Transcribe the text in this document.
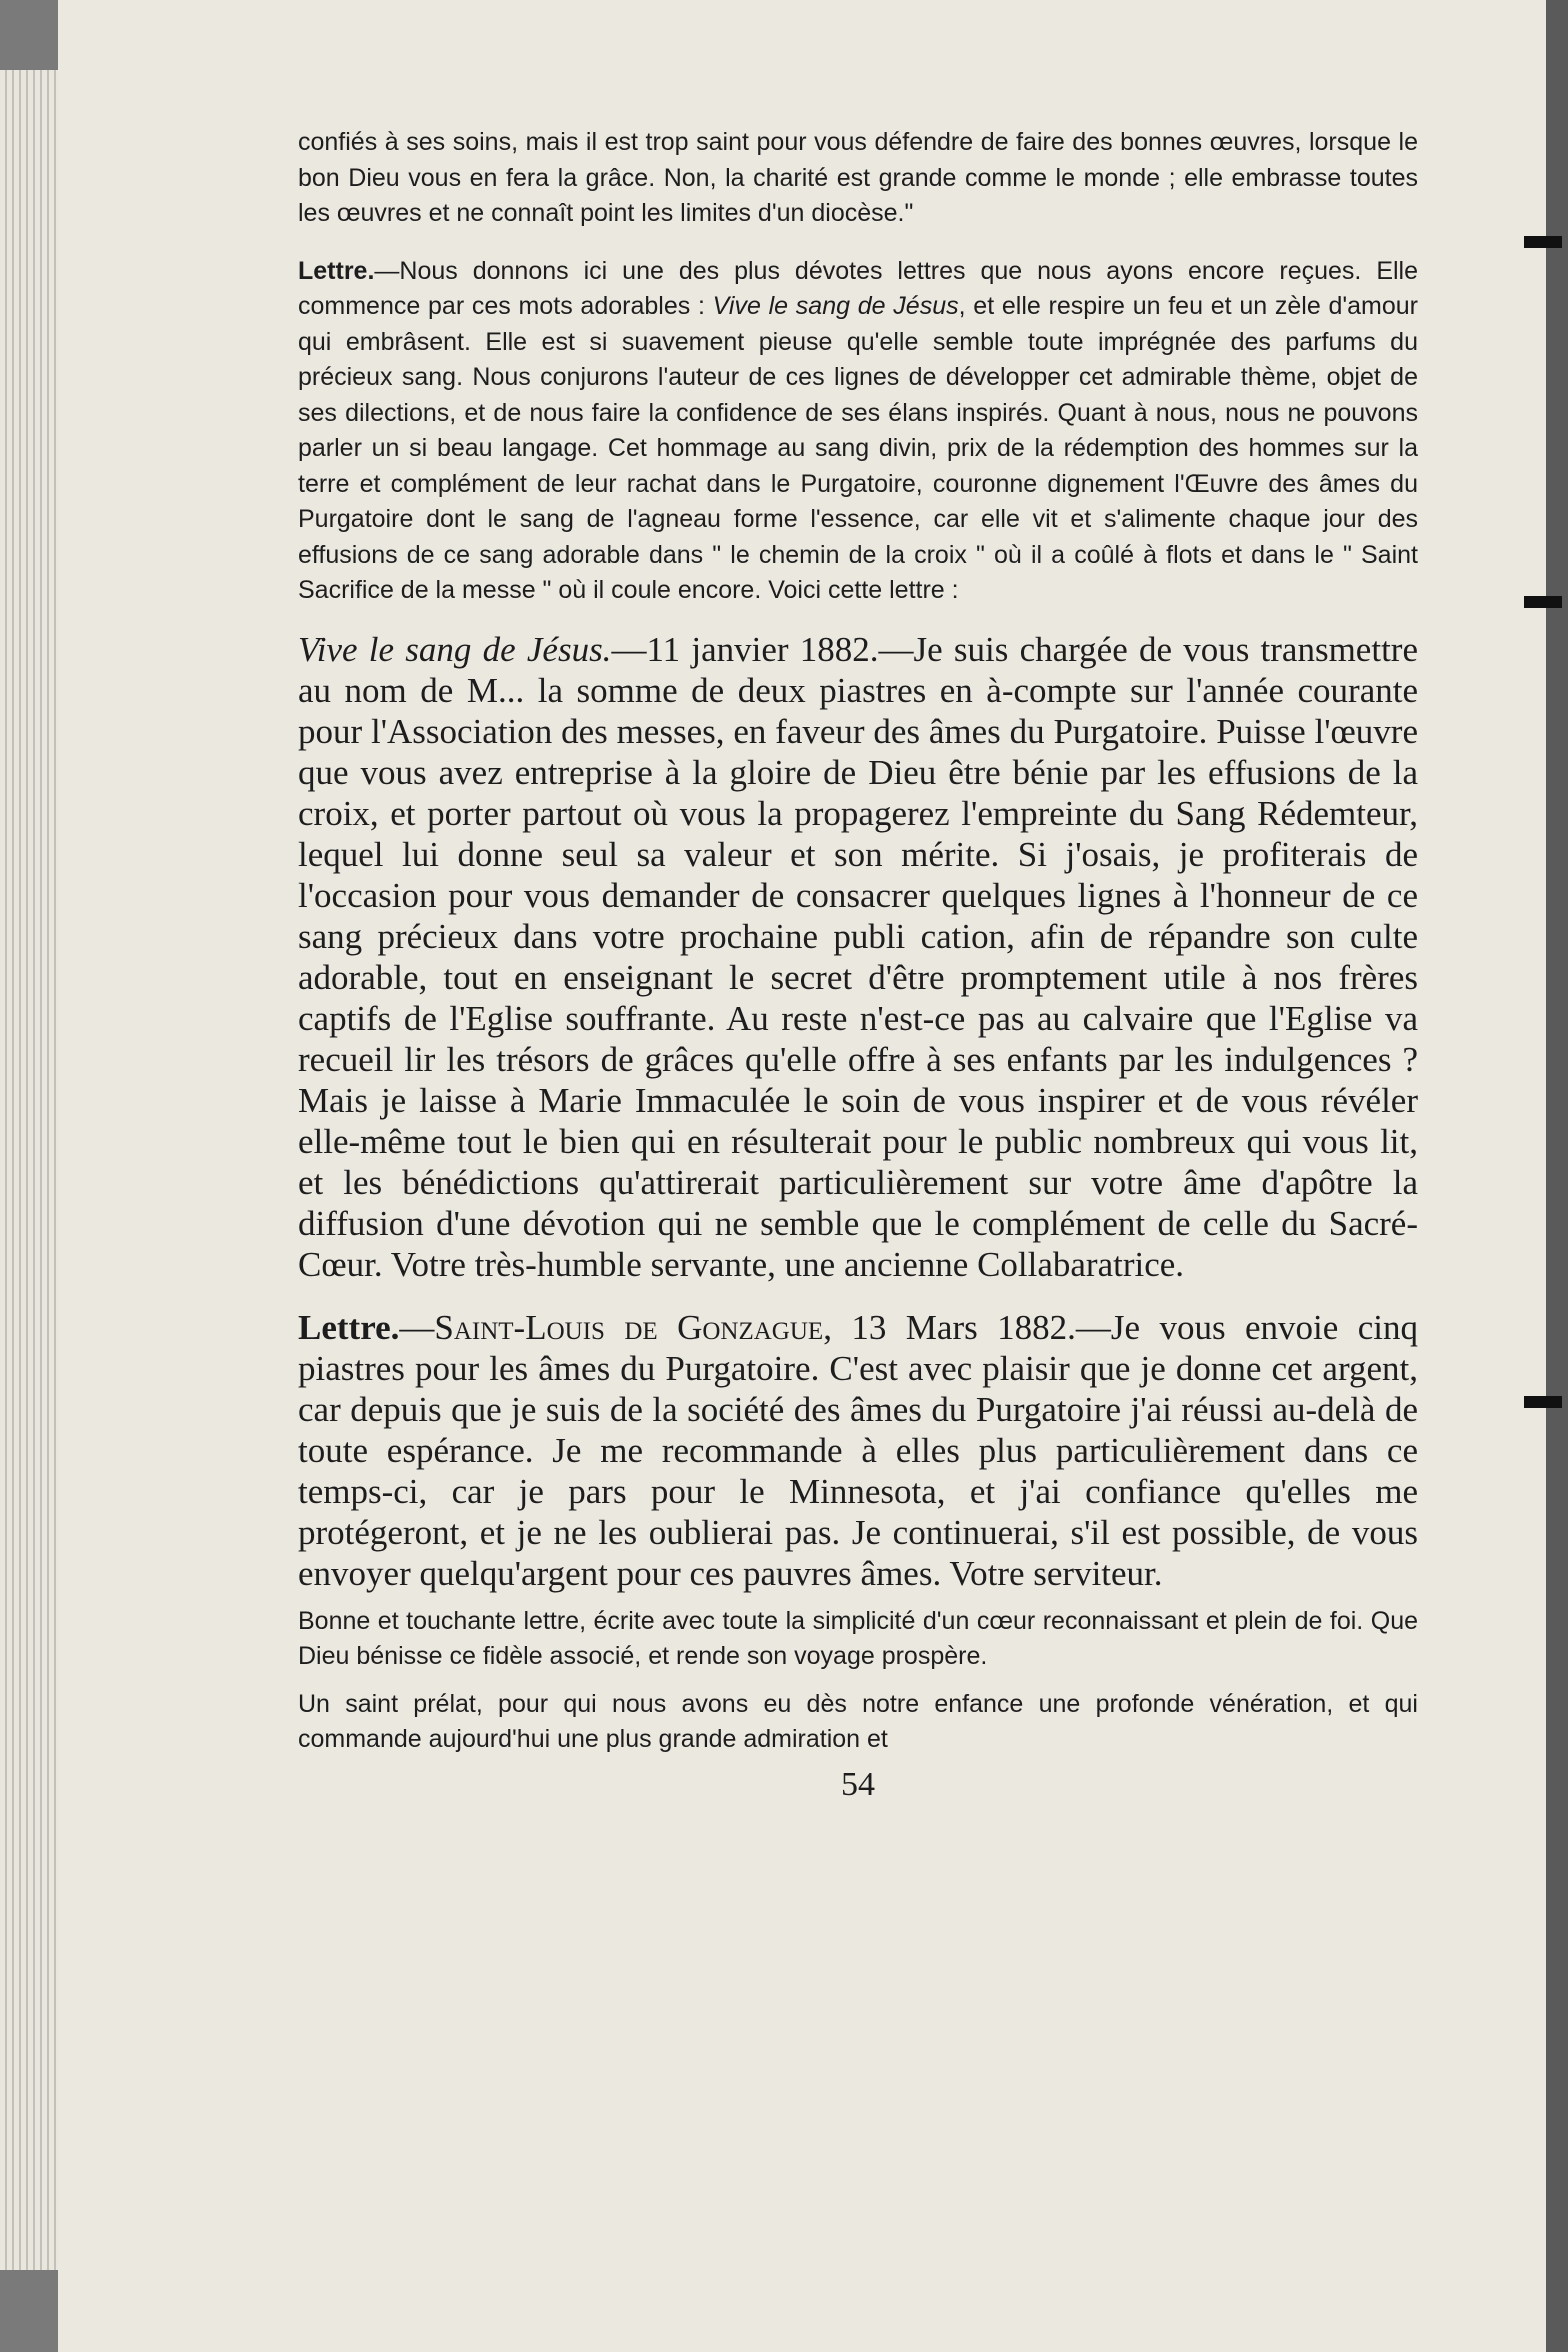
confiés à ses soins, mais il est trop saint pour vous défendre de faire des bonnes œuvres, lorsque le bon Dieu vous en fera la grâce. Non, la charité est grande comme le monde ; elle embrasse toutes les œuvres et ne connaît point les limites d'un diocèse."

Lettre.—Nous donnons ici une des plus dévotes lettres que nous ayons encore reçues. Elle commence par ces mots adorables : Vive le sang de Jésus, et elle respire un feu et un zèle d'amour qui embrâsent. Elle est si suavement pieuse qu'elle semble toute imprégnée des parfums du précieux sang. Nous conjurons l'auteur de ces lignes de développer cet admirable thème, objet de ses dilections, et de nous faire la confidence de ses élans inspirés. Quant à nous, nous ne pouvons parler un si beau langage. Cet hommage au sang divin, prix de la rédemption des hommes sur la terre et complément de leur rachat dans le Purgatoire, couronne dignement l'Œuvre des âmes du Purgatoire dont le sang de l'agneau forme l'essence, car elle vit et s'alimente chaque jour des effusions de ce sang adorable dans " le chemin de la croix " où il a coûlé à flots et dans le " Saint Sacrifice de la messe " où il coule encore. Voici cette lettre :

Vive le sang de Jésus.—11 janvier 1882.—Je suis chargée de vous transmettre au nom de M... la somme de deux piastres en à-compte sur l'année courante pour l'Association des messes, en faveur des âmes du Purgatoire. Puisse l'œuvre que vous avez entreprise à la gloire de Dieu être bénie par les effusions de la croix, et porter partout où vous la propagerez l'empreinte du Sang Rédemteur, lequel lui donne seul sa valeur et son mérite. Si j'osais, je profiterais de l'occasion pour vous demander de consacrer quelques lignes à l'honneur de ce sang précieux dans votre prochaine publi cation, afin de répandre son culte adorable, tout en enseignant le secret d'être promptement utile à nos frères captifs de l'Eglise souffrante. Au reste n'est-ce pas au calvaire que l'Eglise va recueil lir les trésors de grâces qu'elle offre à ses enfants par les indulgences ? Mais je laisse à Marie Immaculée le soin de vous inspirer et de vous révéler elle-même tout le bien qui en résulterait pour le public nombreux qui vous lit, et les bénédictions qu'attirerait particulièrement sur votre âme d'apôtre la diffusion d'une dévotion qui ne semble que le complément de celle du Sacré-Cœur. Votre très-humble servante, une ancienne Collabaratrice.

Lettre.—Saint-Louis de Gonzague, 13 Mars 1882.—Je vous envoie cinq piastres pour les âmes du Purgatoire. C'est avec plaisir que je donne cet argent, car depuis que je suis de la société des âmes du Purgatoire j'ai réussi au-delà de toute espérance. Je me recommande à elles plus particulièrement dans ce temps-ci, car je pars pour le Minnesota, et j'ai confiance qu'elles me protégeront, et je ne les oublierai pas. Je continuerai, s'il est possible, de vous envoyer quelqu'argent pour ces pauvres âmes. Votre serviteur.

Bonne et touchante lettre, écrite avec toute la simplicité d'un cœur reconnaissant et plein de foi. Que Dieu bénisse ce fidèle associé, et rende son voyage prospère.

Un saint prélat, pour qui nous avons eu dès notre enfance une profonde vénération, et qui commande aujourd'hui une plus grande admiration et

54
